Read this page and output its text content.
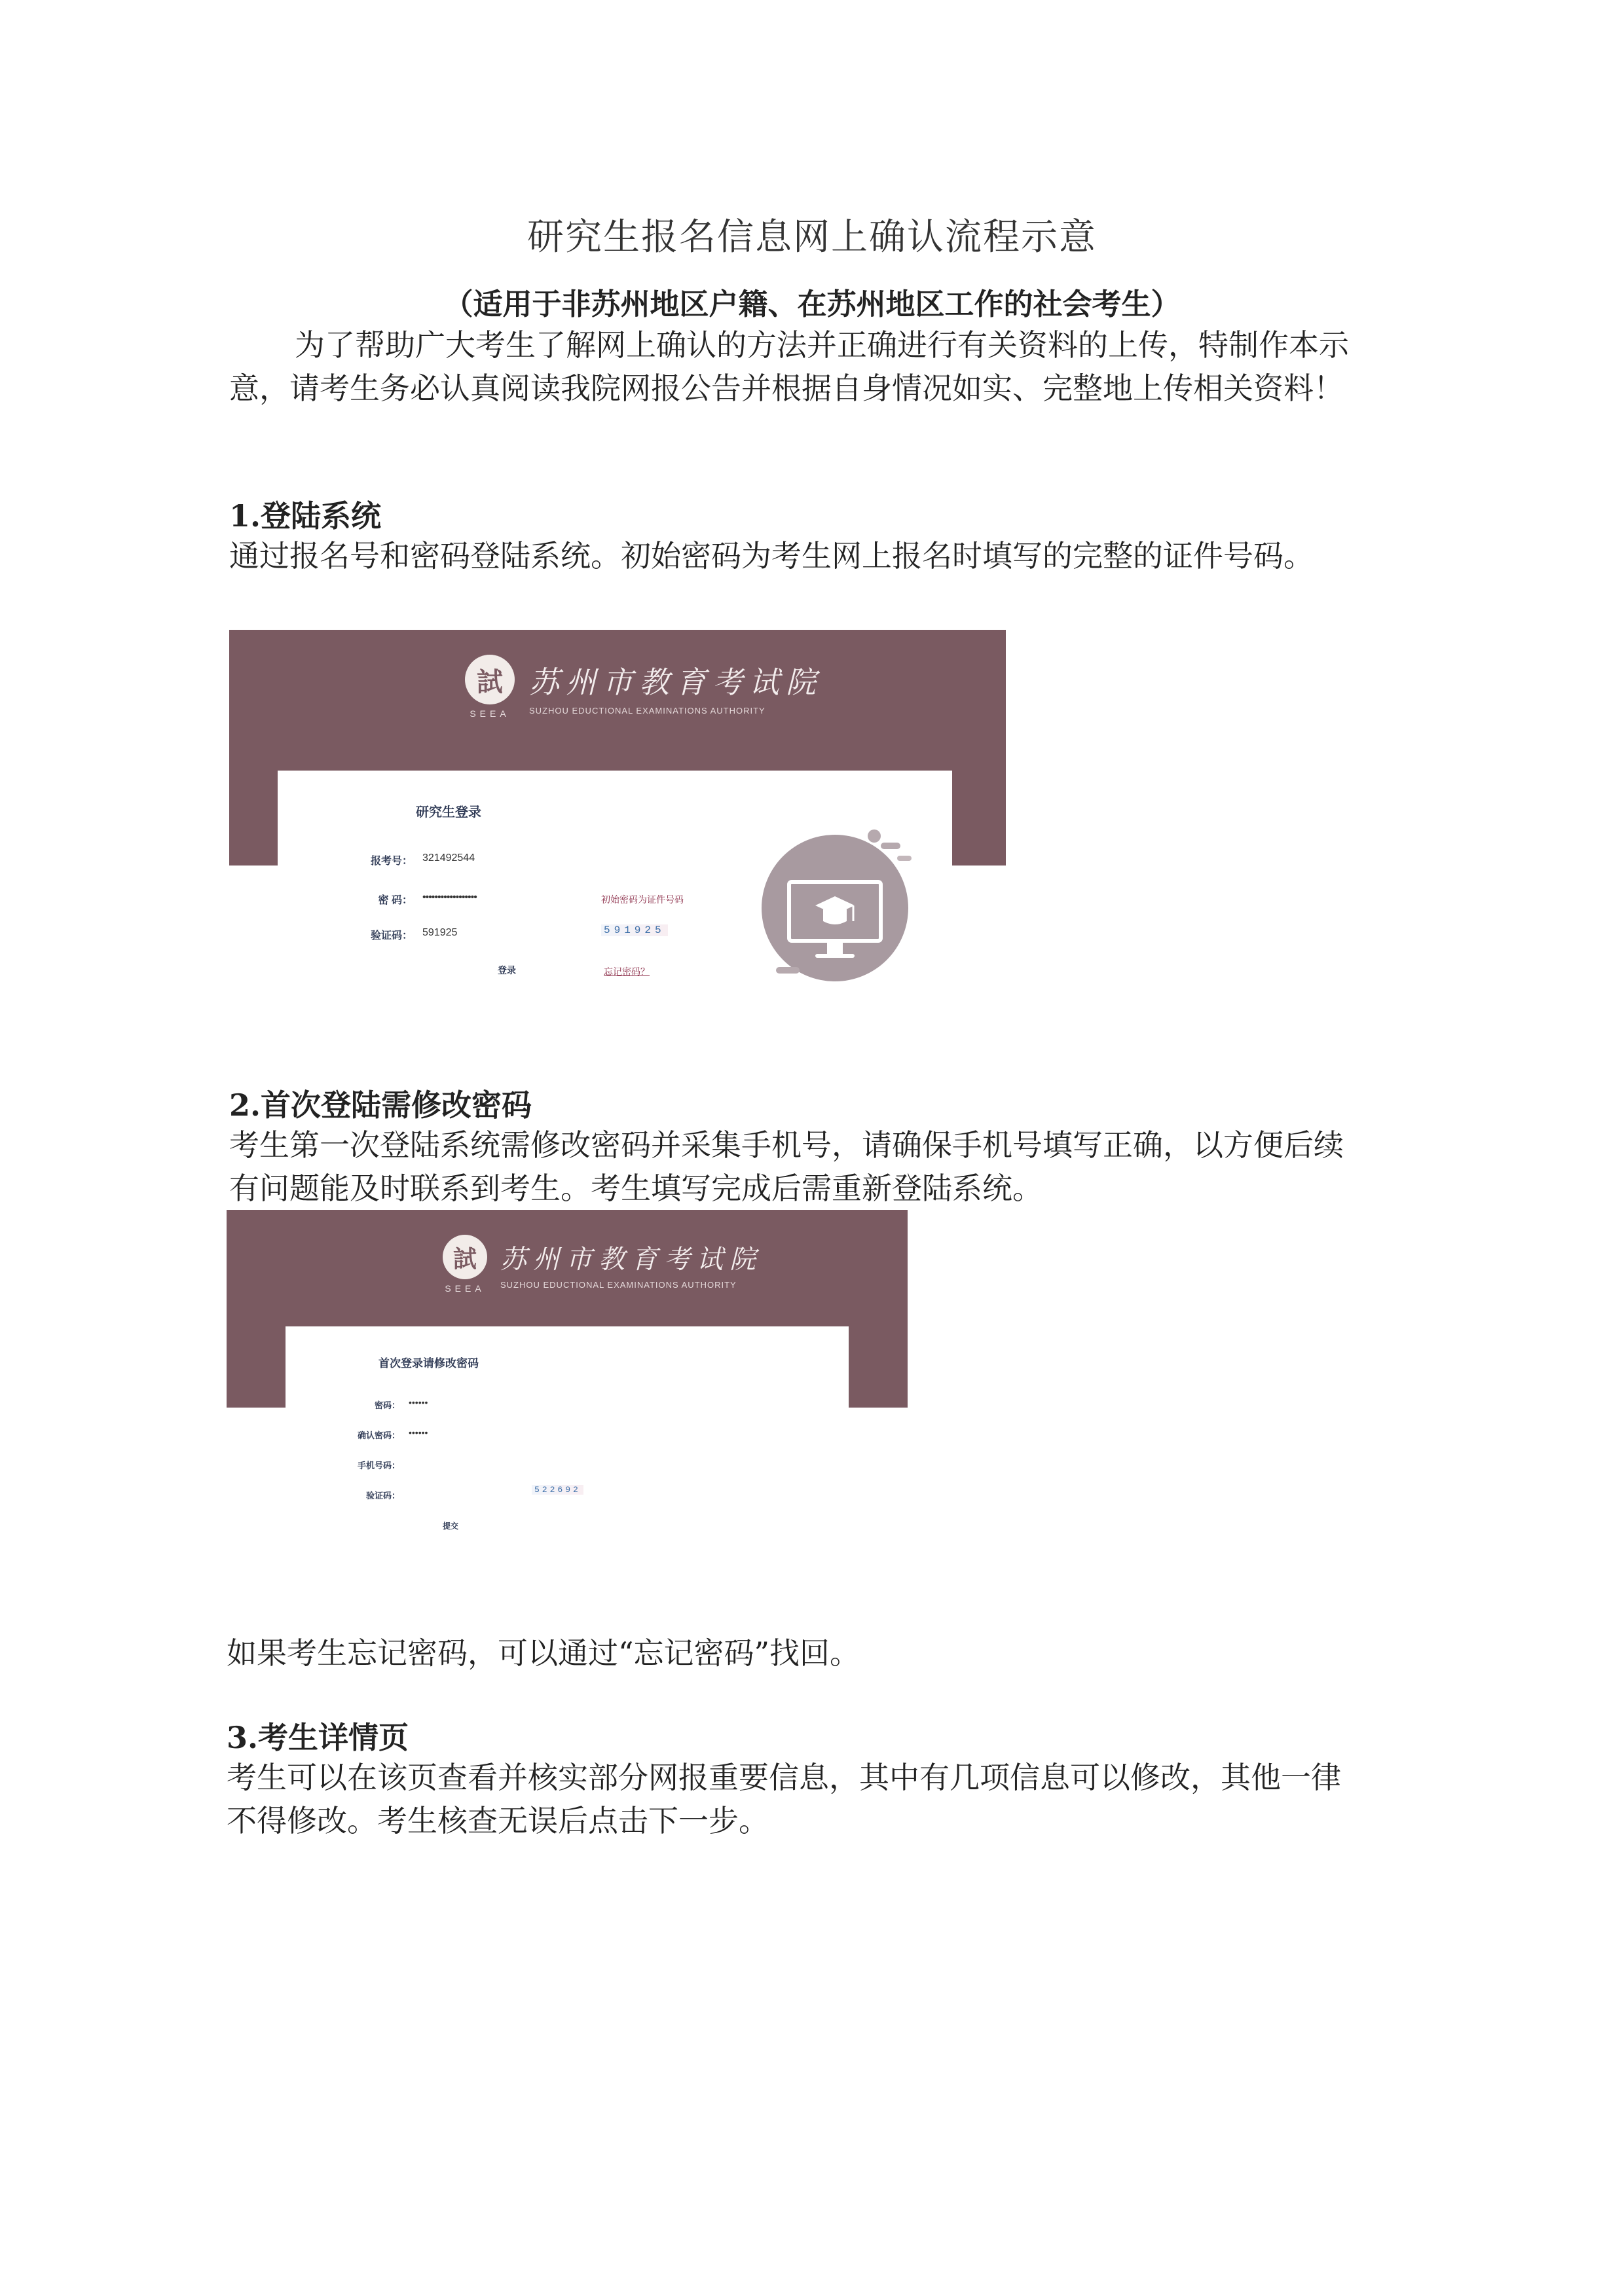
研究生报名信息网上确认流程示意
（适用于非苏州地区户籍、在苏州地区工作的社会考生）
为了帮助广大考生了解网上确认的方法并正确进行有关资料的上传，特制作本示意，请考生务必认真阅读我院网报公告并根据自身情况如实、完整地上传相关资料！
1.登陆系统
通过报名号和密码登陆系统。初始密码为考生网上报名时填写的完整的证件号码。
試
SEEA
苏州市教育考试院
SUZHOU EDUCTIONAL EXAMINATIONS AUTHORITY
研究生登录
报考号： 321492544
密 码： ••••••••••••••••••	初始密码为证件号码
验证码： 591925	591925
登录	忘记密码？
2.首次登陆需修改密码
考生第一次登陆系统需修改密码并采集手机号，请确保手机号填写正确，以方便后续有问题能及时联系到考生。考生填写完成后需重新登陆系统。
試
SEEA
苏州市教育考试院
SUZHOU EDUCTIONAL EXAMINATIONS AUTHORITY
首次登录请修改密码
密码： ••••••
确认密码： ••••••
手机号码：
验证码：
522692
提交
如果考生忘记密码，可以通过“忘记密码”找回。
3.考生详情页
考生可以在该页查看并核实部分网报重要信息，其中有几项信息可以修改，其他一律不得修改。考生核查无误后点击下一步。
